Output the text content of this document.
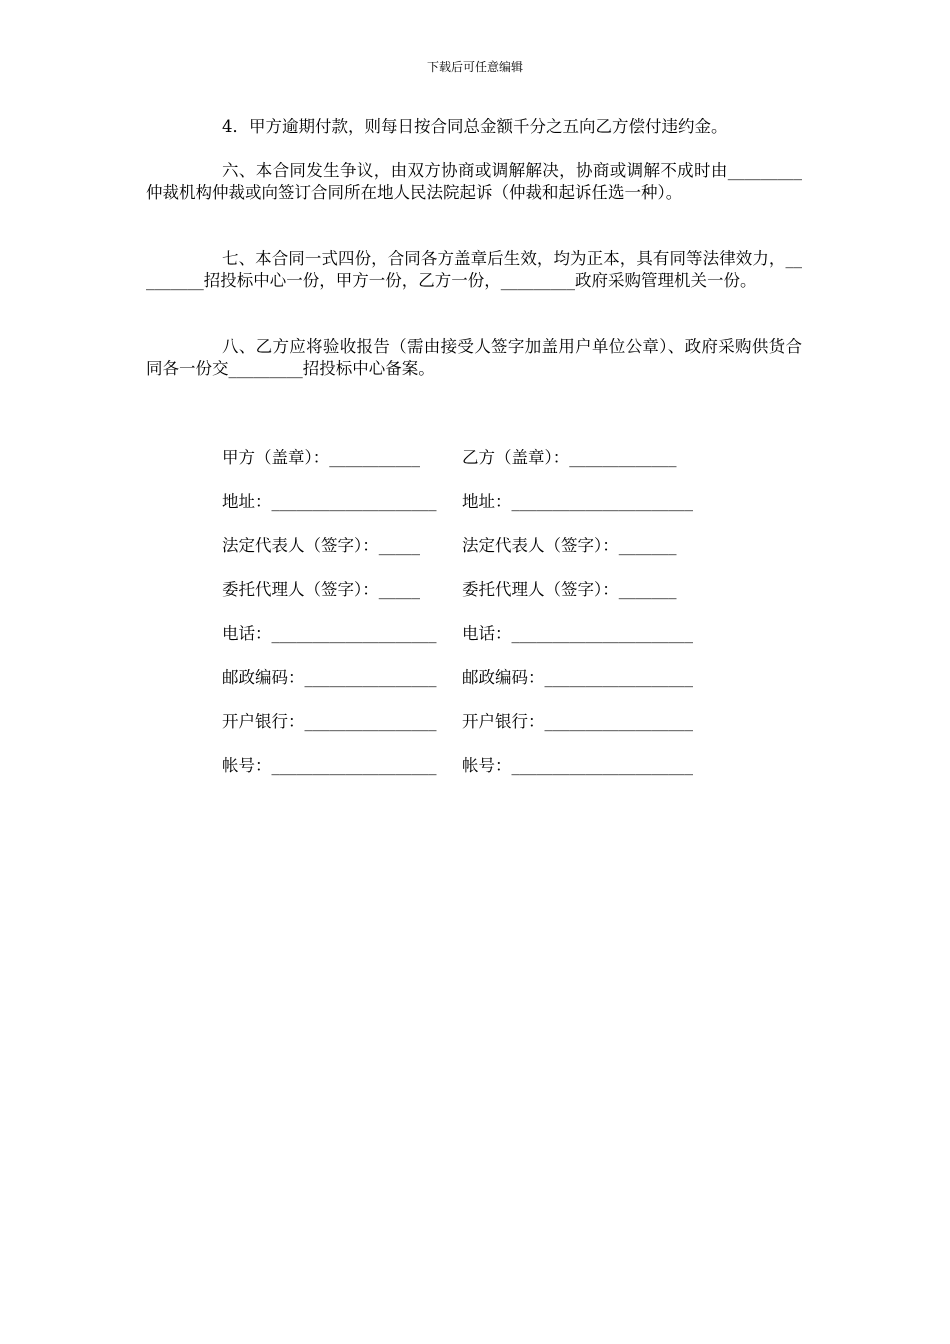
下载后可任意编辑

4．甲方逾期付款，则每日按合同总金额千分之五向乙方偿付违约金。

六、本合同发生争议，由双方协商或调解解决，协商或调解不成时由_________仲裁机构仲裁或向签订合同所在地人民法院起诉（仲裁和起诉任选一种）。

七、本合同一式四份，合同各方盖章后生效，均为正本，具有同等法律效力，_________招投标中心一份，甲方一份，乙方一份，_________政府采购管理机关一份。

八、乙方应将验收报告（需由接受人签字加盖用户单位公章）、政府采购供货合同各一份交_________招投标中心备案。

甲方（盖章）：___________	乙方（盖章）：_____________
地址：____________________ 地址：______________________
法定代表人（签字）：_____	法定代表人（签字）：_______
委托代理人（签字）：_____	委托代理人（签字）：_______
电话：____________________ 电话：______________________
邮政编码：________________ 邮政编码：__________________
开户银行：________________ 开户银行：__________________
帐号：____________________ 帐号：______________________
